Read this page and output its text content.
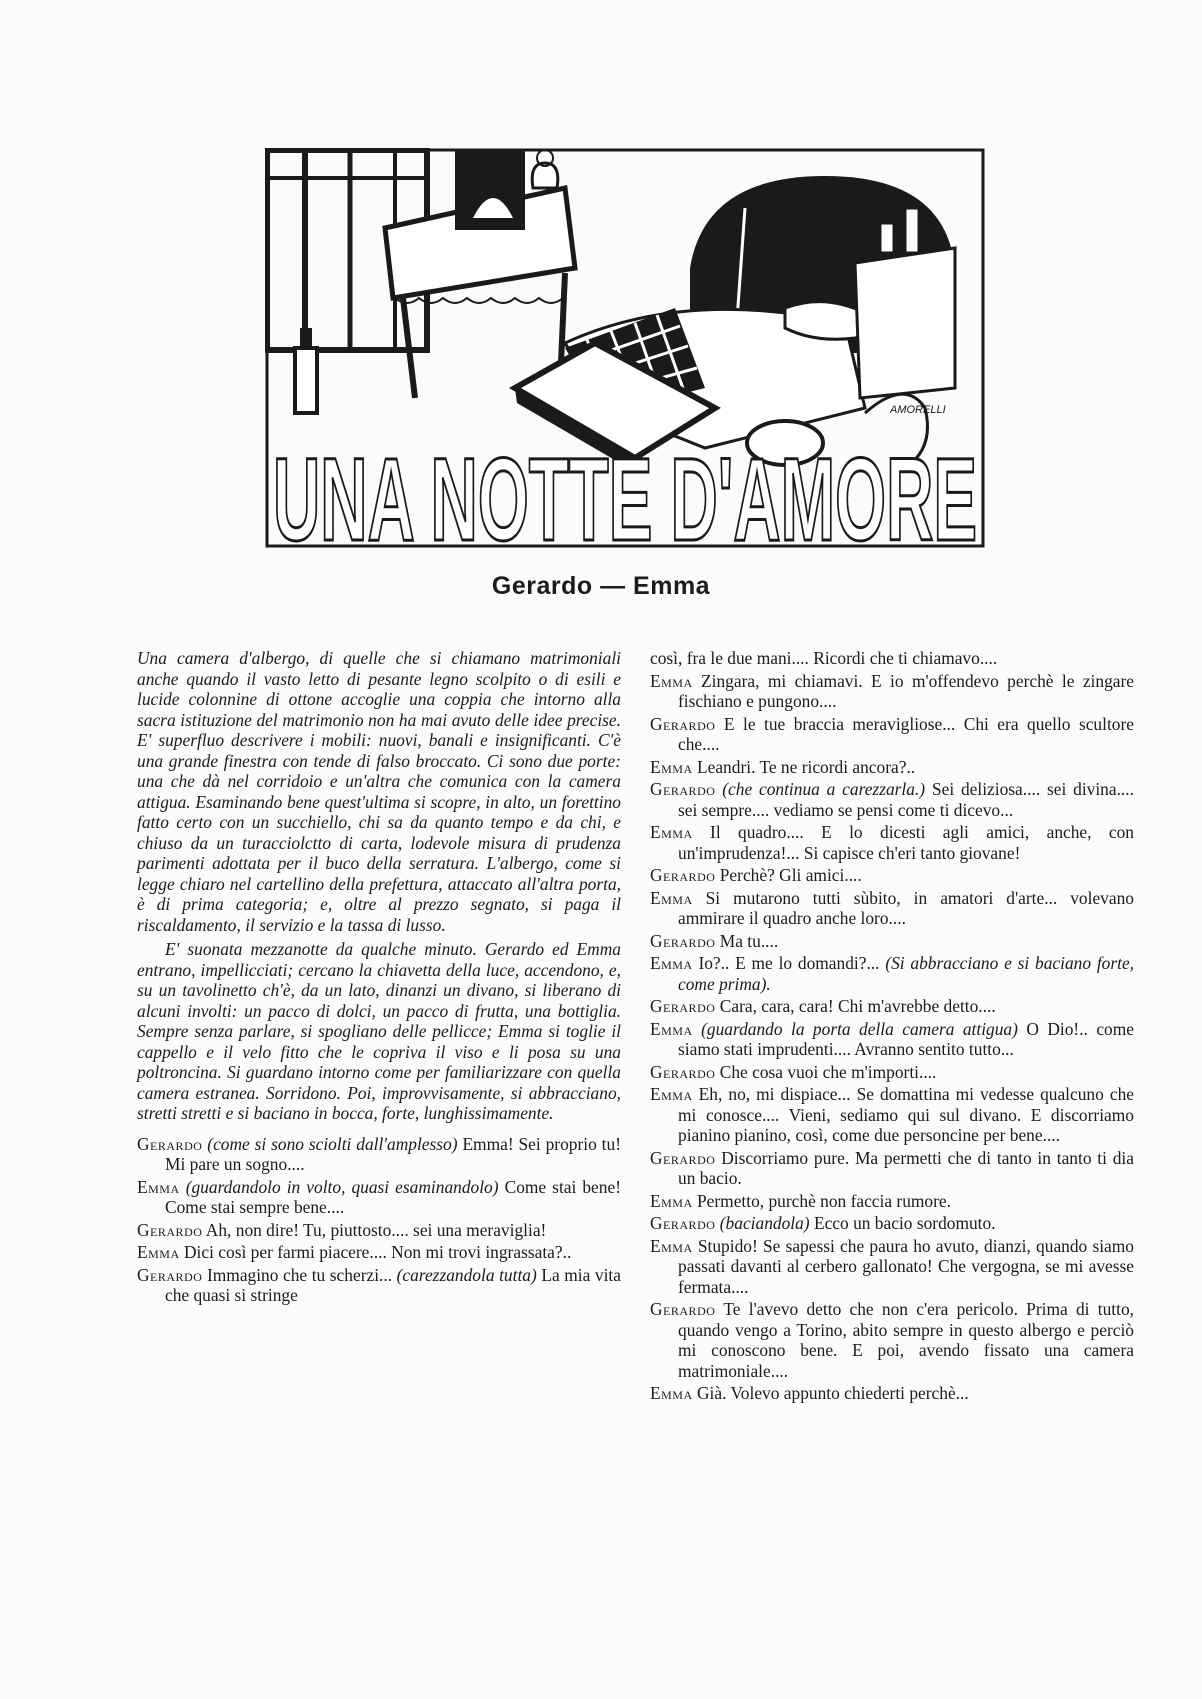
AMORELLI
UNA NOTTE D'AMORE
Gerardo — Emma

Una camera d'albergo, di quelle che si chiamano matrimoniali anche quando il vasto letto di pesante legno scolpito o di esili e lucide colonnine di ottone accoglie una coppia che intorno alla sacra istituzione del matrimonio non ha mai avuto delle idee precise. E' superfluo descrivere i mobili: nuovi, banali e insignificanti. C'è una grande finestra con tende di falso broccato. Ci sono due porte: una che dà nel corridoio e un'altra che comunica con la camera attigua. Esaminando bene quest'ultima si scopre, in alto, un forettino fatto certo con un succhiello, chi sa da quanto tempo e da chi, e chiuso da un turacciolctto di carta, lodevole misura di prudenza parimenti adottata per il buco della serratura. L'albergo, come si legge chiaro nel cartellino della prefettura, attaccato all'altra porta, è di prima categoria; e, oltre al prezzo segnato, si paga il riscaldamento, il servizio e la tassa di lusso.

E' suonata mezzanotte da qualche minuto. Gerardo ed Emma entrano, impellicciati; cercano la chiavetta della luce, accendono, e, su un tavolinetto ch'è, da un lato, dinanzi un divano, si liberano di alcuni involti: un pacco di dolci, un pacco di frutta, una bottiglia. Sempre senza parlare, si spogliano delle pellicce; Emma si toglie il cappello e il velo fitto che le copriva il viso e li posa su una poltroncina. Si guardano intorno come per familiarizzare con quella camera estranea. Sorridono. Poi, improvvisamente, si abbracciano, stretti stretti e si baciano in bocca, forte, lunghissimamente.

Gerardo (come si sono sciolti dall'amplesso) Emma! Sei proprio tu! Mi pare un sogno....

Emma (guardandolo in volto, quasi esaminandolo) Come stai bene! Come stai sempre bene....

Gerardo Ah, non dire! Tu, piuttosto.... sei una meraviglia!

Emma Dici così per farmi piacere.... Non mi trovi ingrassata?..

Gerardo Immagino che tu scherzi... (carezzandola tutta) La mia vita che quasi si stringe

così, fra le due mani.... Ricordi che ti chiamavo....

Emma Zingara, mi chiamavi. E io m'offendevo perchè le zingare fischiano e pungono....

Gerardo E le tue braccia meravigliose... Chi era quello scultore che....

Emma Leandri. Te ne ricordi ancora?..

Gerardo (che continua a carezzarla.) Sei deliziosa.... sei divina.... sei sempre.... vediamo se pensi come ti dicevo...

Emma Il quadro.... E lo dicesti agli amici, anche, con un'imprudenza!... Si capisce ch'eri tanto giovane!

Gerardo Perchè? Gli amici....

Emma Si mutarono tutti sùbito, in amatori d'arte... volevano ammirare il quadro anche loro....

Gerardo Ma tu....

Emma Io?.. E me lo domandi?... (Si abbracciano e si baciano forte, come prima).

Gerardo Cara, cara, cara! Chi m'avrebbe detto....

Emma (guardando la porta della camera attigua) O Dio!.. come siamo stati imprudenti.... Avranno sentito tutto...

Gerardo Che cosa vuoi che m'importi....

Emma Eh, no, mi dispiace... Se domattina mi vedesse qualcuno che mi conosce.... Vieni, sediamo qui sul divano. E discorriamo pianino pianino, così, come due personcine per bene....

Gerardo Discorriamo pure. Ma permetti che di tanto in tanto ti dia un bacio.

Emma Permetto, purchè non faccia rumore.

Gerardo (baciandola) Ecco un bacio sordomuto.

Emma Stupido! Se sapessi che paura ho avuto, dianzi, quando siamo passati davanti al cerbero gallonato! Che vergogna, se mi avesse fermata....

Gerardo Te l'avevo detto che non c'era pericolo. Prima di tutto, quando vengo a Torino, abito sempre in questo albergo e perciò mi conoscono bene. E poi, avendo fissato una camera matrimoniale....

Emma Già. Volevo appunto chiederti perchè...
